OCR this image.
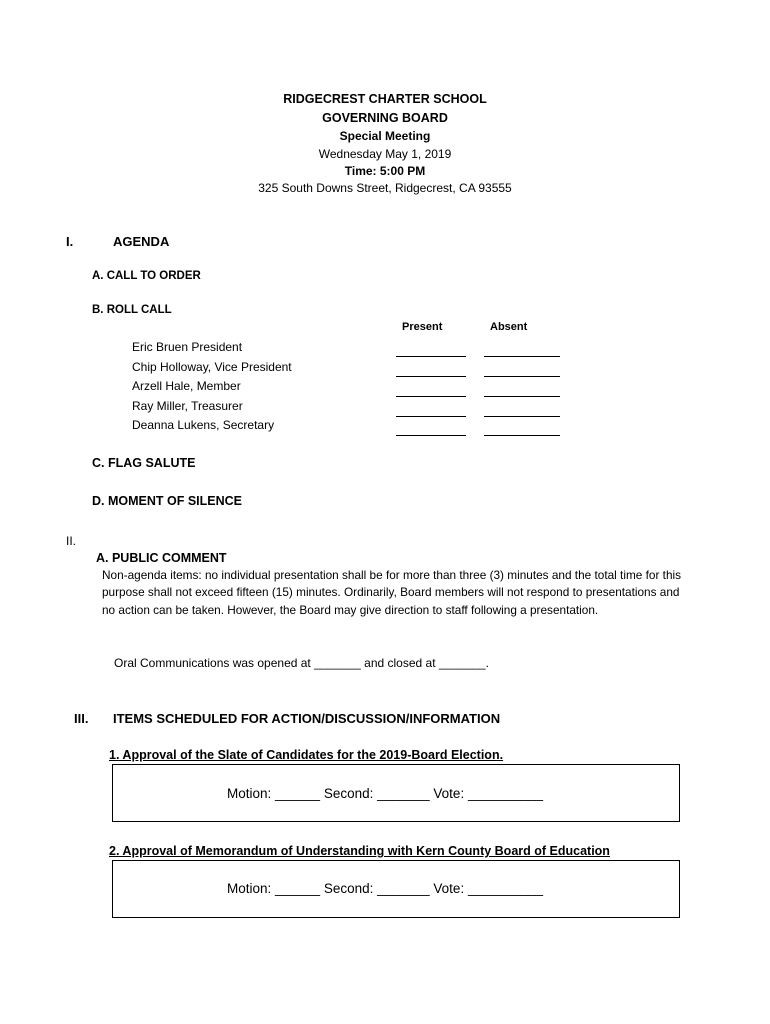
RIDGECREST CHARTER SCHOOL
GOVERNING BOARD
Special Meeting
Wednesday May 1, 2019
Time: 5:00 PM
325 South Downs Street, Ridgecrest, CA 93555
I.	AGENDA
A. CALL TO ORDER
B. ROLL CALL
Present	Absent
Eric Bruen President
Chip Holloway, Vice President
Arzell Hale, Member
Ray Miller, Treasurer
Deanna Lukens, Secretary
C. FLAG SALUTE
D. MOMENT OF SILENCE
II.
A. PUBLIC COMMENT
Non-agenda items: no individual presentation shall be for more than three (3) minutes and the total time for this purpose shall not exceed fifteen (15) minutes. Ordinarily, Board members will not respond to presentations and no action can be taken. However, the Board may give direction to staff following a presentation.
Oral Communications was opened at _______ and closed at _______.
III. ITEMS SCHEDULED FOR ACTION/DISCUSSION/INFORMATION
1. Approval of the Slate of Candidates for the 2019-Board Election.
Motion: ______ Second: _______ Vote: __________
2. Approval of Memorandum of Understanding with Kern County Board of Education
Motion: ______ Second: _______ Vote: __________
